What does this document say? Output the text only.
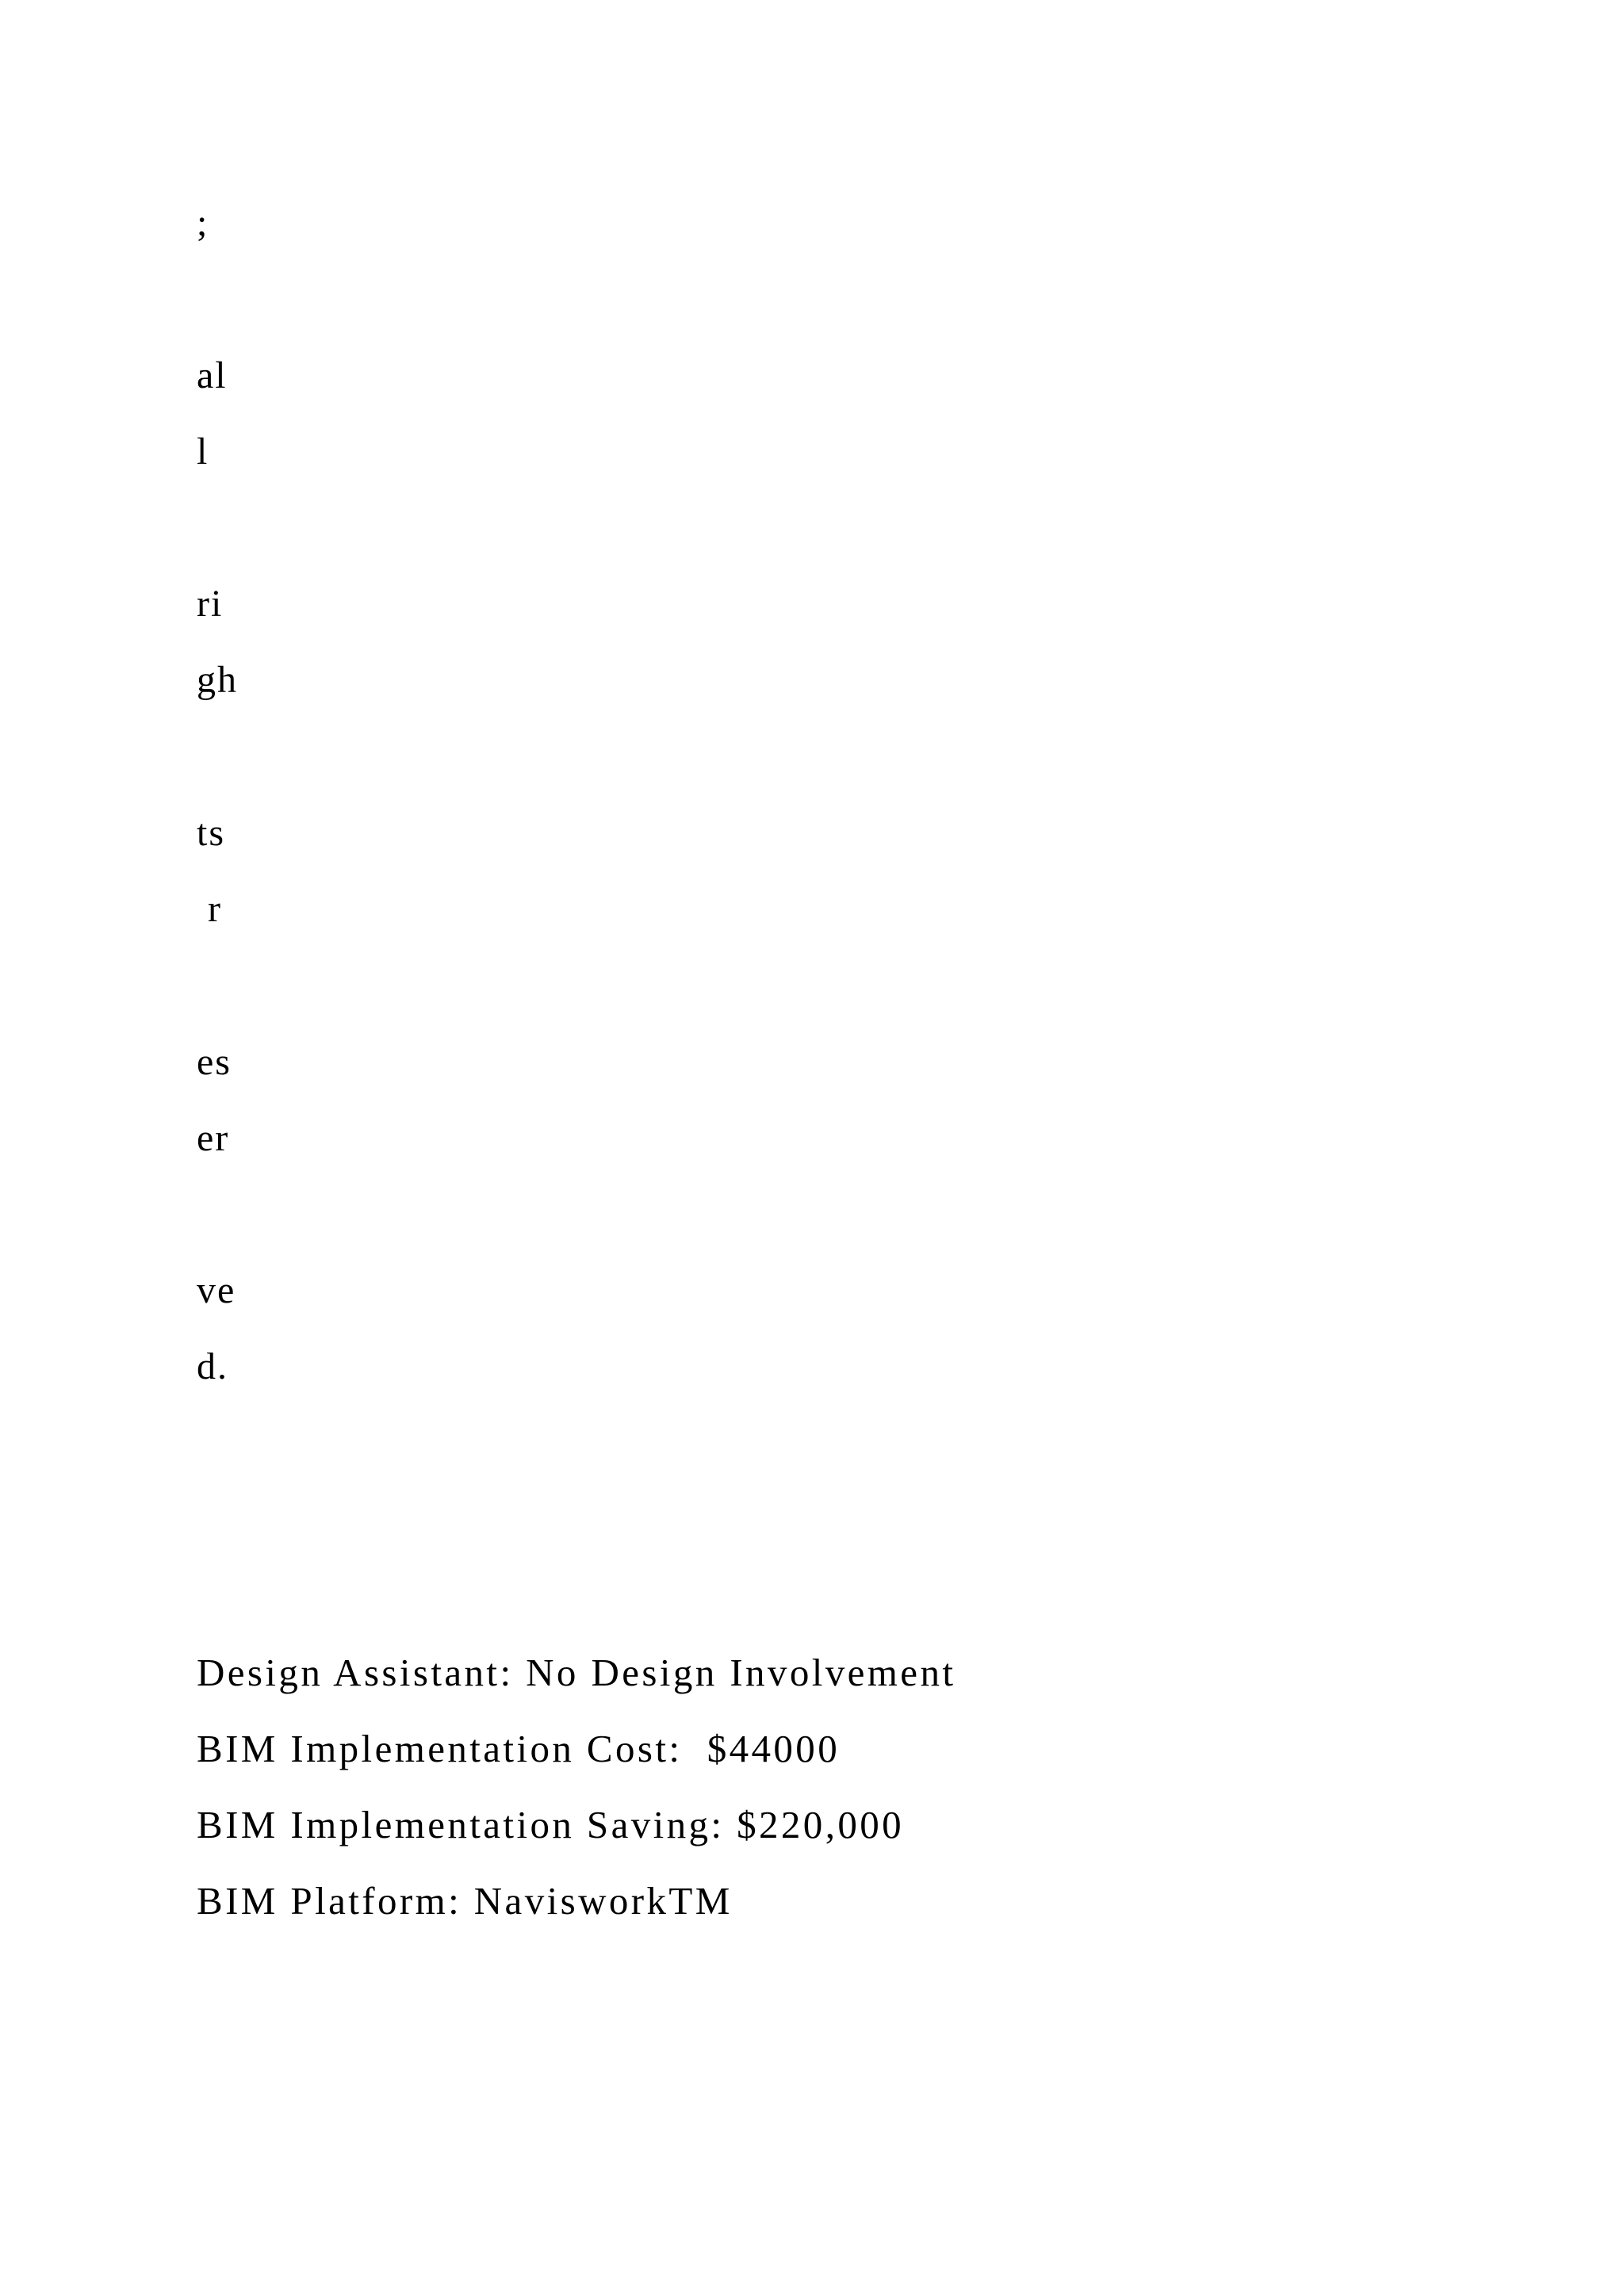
;

al

l

ri

gh

ts

r

es

er

ve

d.

Design Assistant: No Design Involvement

BIM Implementation Cost:  $44000

BIM Implementation Saving: $220,000

BIM Platform: NavisworkTM
